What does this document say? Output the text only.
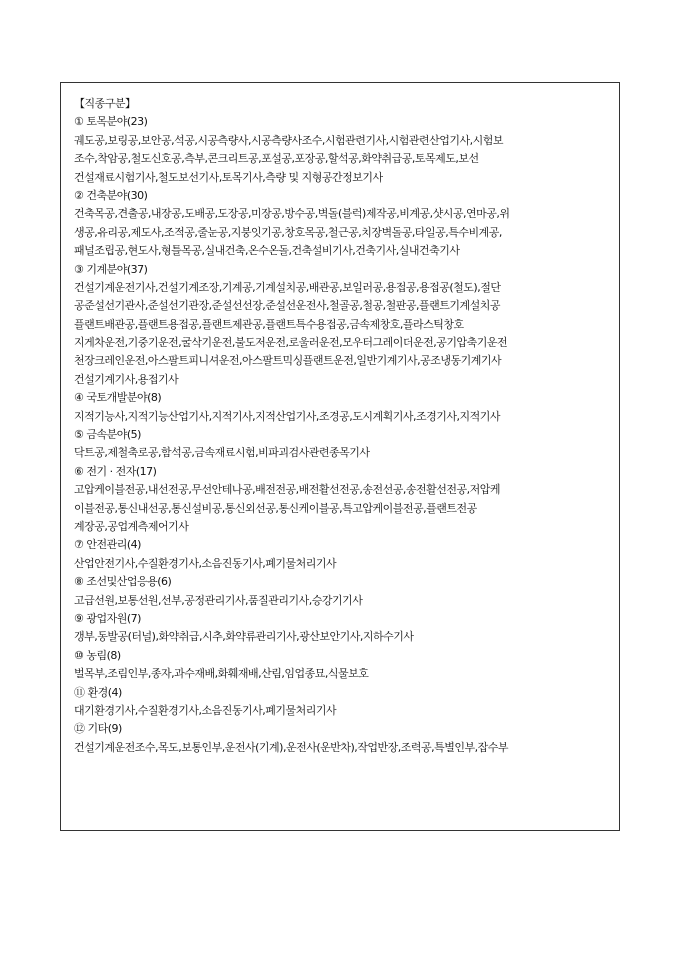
【직종구분】
① 토목분야(23)
궤도공,보링공,보안공,석공,시공측량사,시공측량사조수,시험관련기사,시험관련산업기사,시험보
조수,착암공,철도신호공,측부,콘크리트공,포설공,포장공,할석공,화약취급공,토목제도,보선
건설재료시험기사,철도보선기사,토목기사,측량 및 지형공간정보기사
② 건축분야(30)
건축목공,견출공,내장공,도배공,도장공,미장공,방수공,벽돌(블럭)제작공,비계공,샷시공,연마공,위
생공,유리공,제도사,조적공,줄눈공,지붕잇기공,창호목공,철근공,치장벽돌공,타일공,특수비계공,
패널조립공,현도사,형틀목공,실내건축,온수온돌,건축설비기사,건축기사,실내건축기사
③ 기계분야(37)
건설기계운전기사,건설기계조장,기계공,기계설치공,배관공,보일러공,용접공,용접공(철도),절단
공준설선기관사,준설선기관장,준설선선장,준설선운전사,철골공,철공,철판공,플랜트기계설치공
플랜트배관공,플랜트용접공,플랜트제관공,플랜트특수용접공,금속제창호,플라스틱창호
지게차운전,기중기운전,굴삭기운전,불도저운전,로울러운전,모우터그레이더운전,공기압축기운전
천장크레인운전,아스팔트피니셔운전,아스팔트믹싱플랜트운전,일반기계기사,공조냉동기계기사
건설기계기사,용접기사
④ 국토개발분야(8)
지적기능사,지적기능산업기사,지적기사,지적산업기사,조경공,도시계획기사,조경기사,지적기사
⑤ 금속분야(5)
닥트공,제철축로공,함석공,금속재료시험,비파괴검사관련종목기사
⑥ 전기 · 전자(17)
고압케이블전공,내선전공,무선안테나공,배전전공,배전활선전공,송전선공,송전활선전공,저압케
이블전공,통신내선공,통신설비공,통신외선공,통신케이블공,특고압케이블전공,플랜트전공
계장공,공업계측제어기사
⑦ 안전관리(4)
산업안전기사,수질환경기사,소음진동기사,폐기물처리기사
⑧ 조선및산업응용(6)
고급선원,보통선원,선부,공정관리기사,품질관리기사,승강기기사
⑨ 광업자원(7)
갱부,동발공(터널),화약취급,시추,화약류관리기사,광산보안기사,지하수기사
⑩ 농림(8)
벌목부,조림인부,종자,과수재배,화훼재배,산림,임업종묘,식물보호
⑪ 환경(4)
대기환경기사,수질환경기사,소음진동기사,폐기물처리기사
⑫ 기타(9)
건설기계운전조수,목도,보통인부,운전사(기계),운전사(운반차),작업반장,조력공,특별인부,잡수부
